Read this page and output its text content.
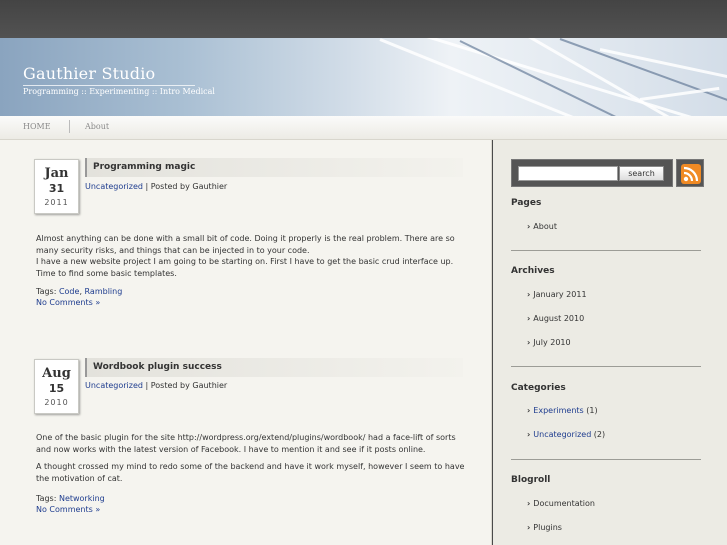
Gauthier Studio
Programming :: Experimenting :: Intro Medical
HOME	About
Jan
31
2011
Programming magic
Uncategorized | Posted by Gauthier
Almost anything can be done with a small bit of code. Doing it properly is the real problem. There are so many security risks, and things that can be injected in to your code.

I have a new website project I am going to be starting on. First I have to get the basic crud interface up. Time to find some basic templates.

Tags: Code, Rambling
No Comments »
Aug
15
2010
Wordbook plugin success
Uncategorized | Posted by Gauthier

One of the basic plugin for the site http://wordpress.org/extend/plugins/wordbook/ had a face-lift of sorts and now works with the latest version of Facebook. I have to mention it and see if it posts online.

A thought crossed my mind to redo some of the backend and have it work myself, however I seem to have the motivation of cat.

Tags: Networking
No Comments »
search
Pages
› About
Archives
› January 2011
› August 2010
› July 2010
Categories
› Experiments (1)
› Uncategorized (2)
Blogroll
› Documentation
› Plugins
